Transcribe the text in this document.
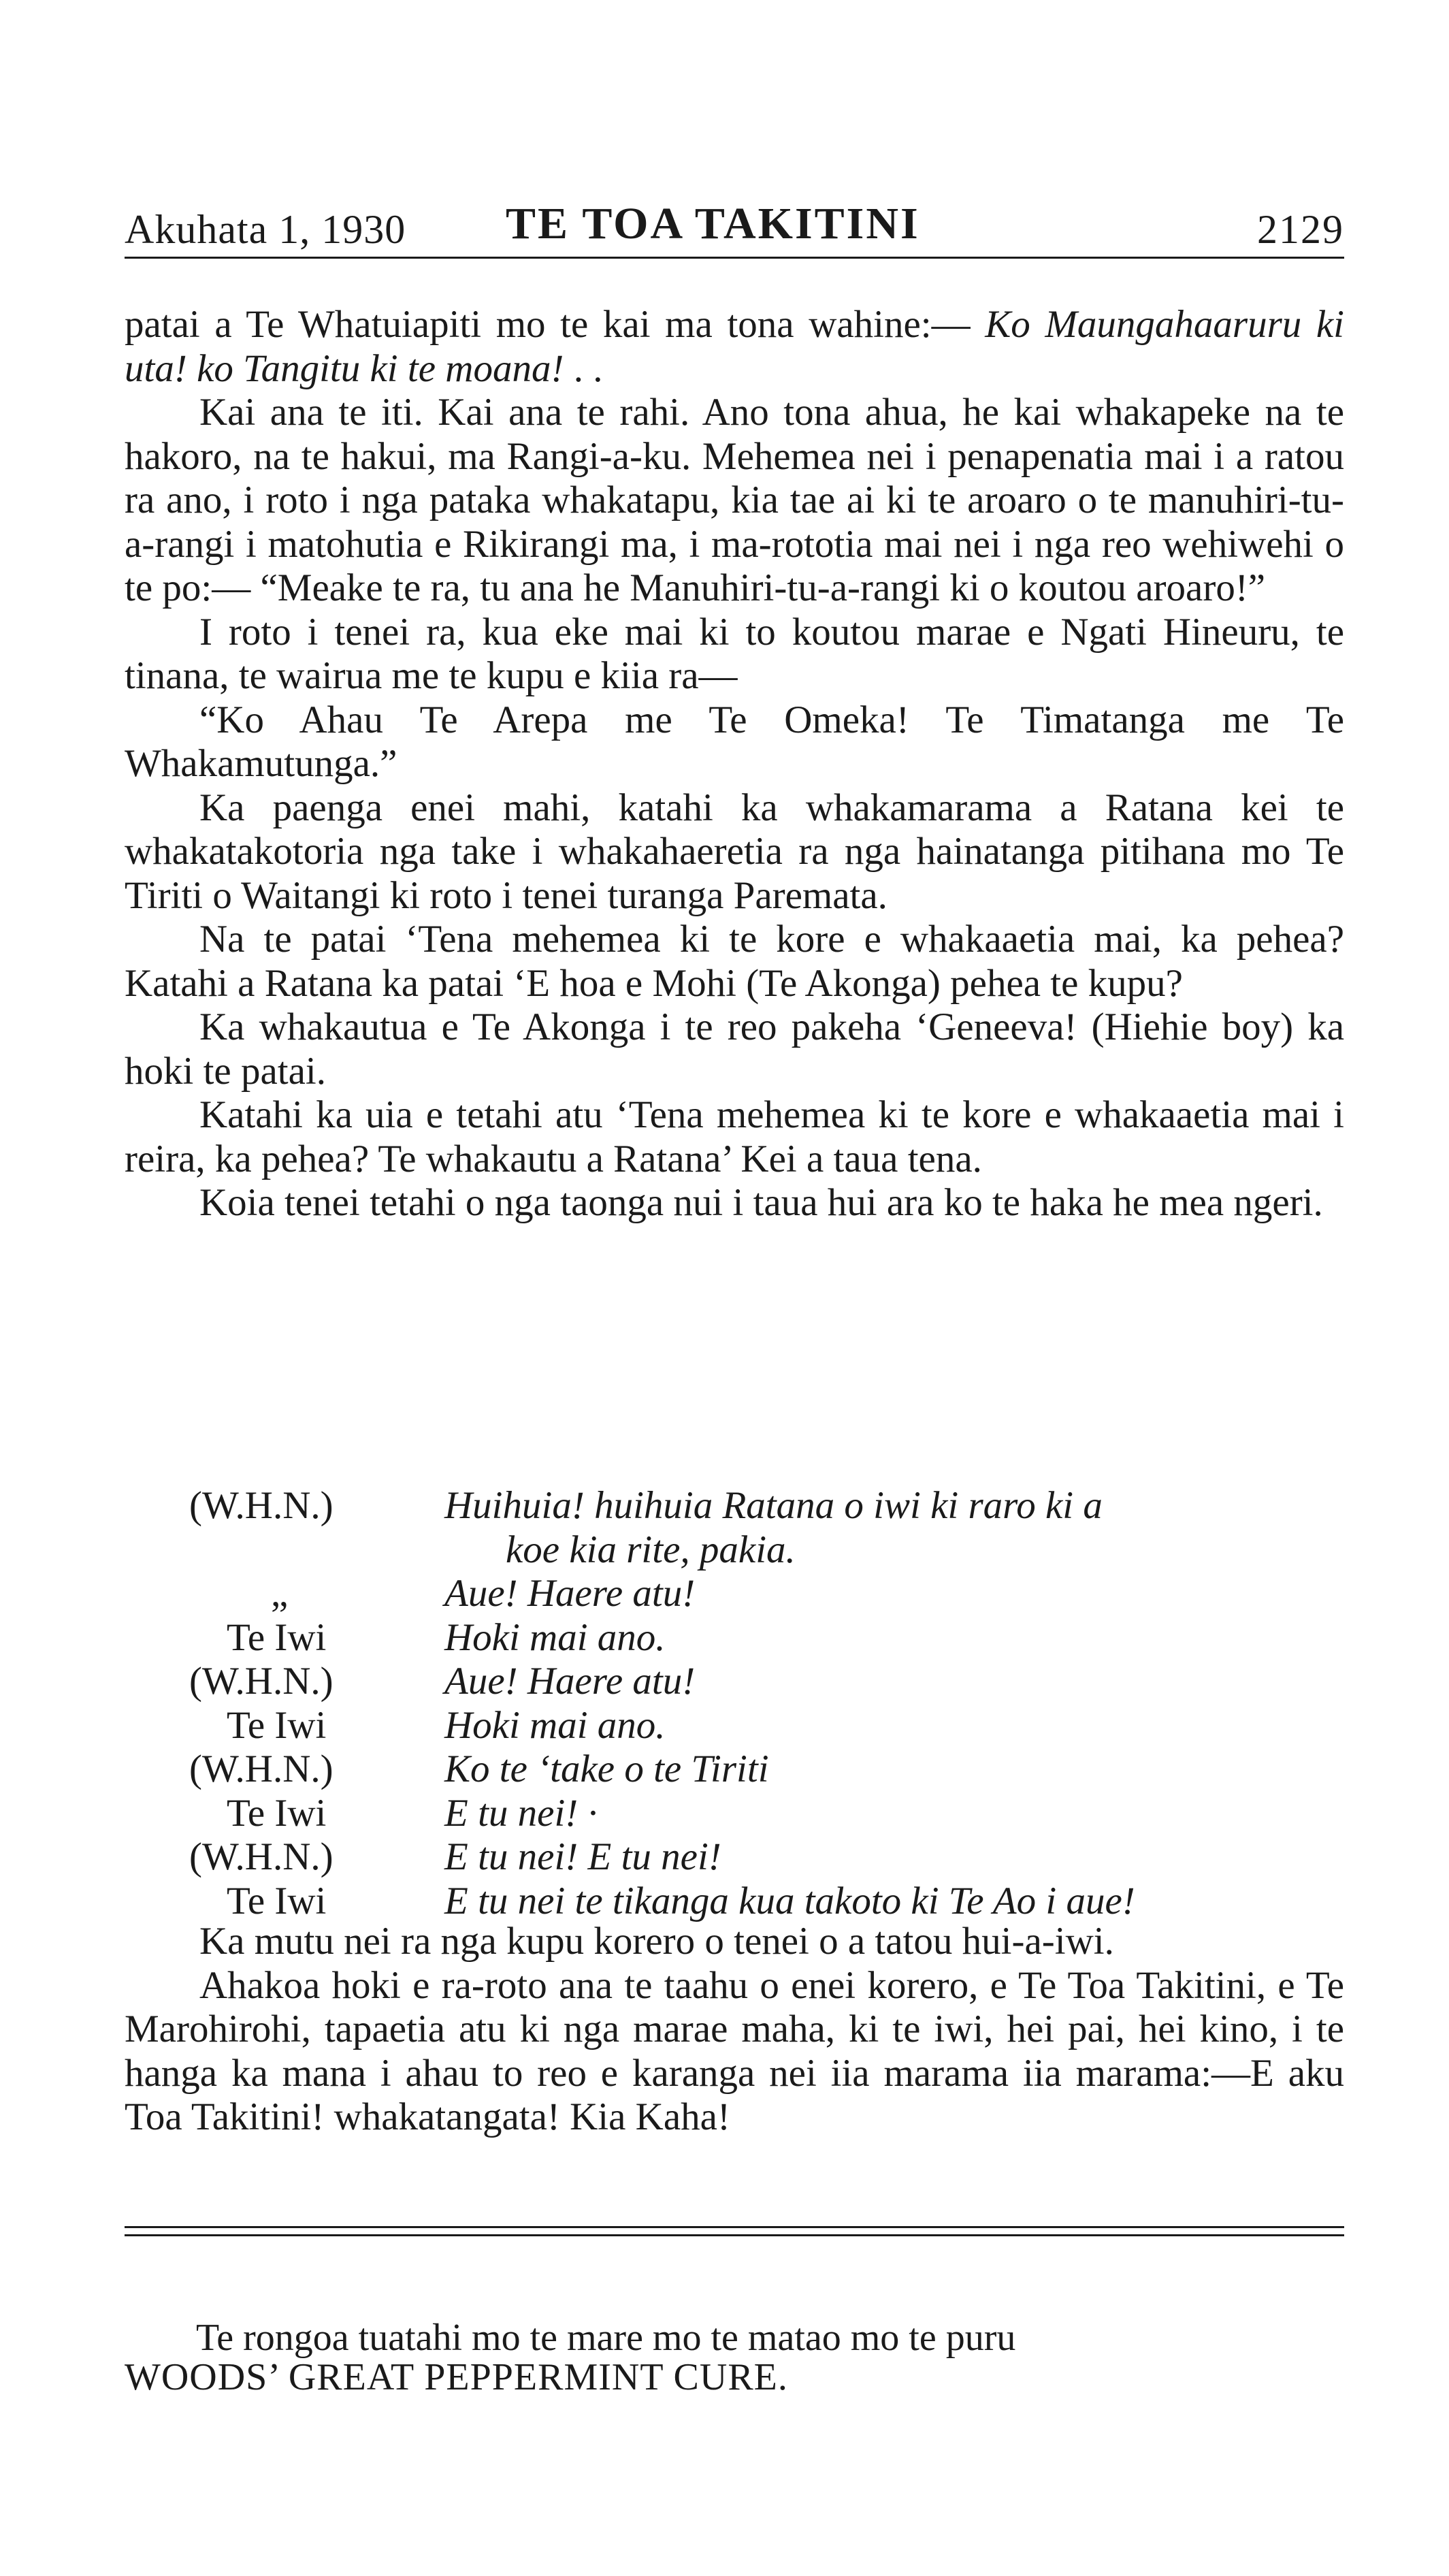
Akuhata 1, 1930 TE TOA TAKITINI	2129

patai a Te Whatuiapiti mo te kai ma tona wahine:— Ko Maungahaaruru ki uta! ko Tangitu ki te moana! . .

Kai ana te iti. Kai ana te rahi. Ano tona ahua, he kai whakapeke na te hakoro, na te hakui, ma Rangi-a-ku. Mehemea nei i penapenatia mai i a ratou ra ano, i roto i nga pataka whakatapu, kia tae ai ki te aroaro o te manuhiri-tu-a-rangi i matohutia e Rikirangi ma, i ma-rototia mai nei i nga reo wehiwehi o te po:— “Meake te ra, tu ana he Manuhiri-tu-a-rangi ki o koutou aroaro!”

I roto i tenei ra, kua eke mai ki to koutou marae e Ngati Hineuru, te tinana, te wairua me te kupu e kiia ra—

“Ko Ahau Te Arepa me Te Omeka! Te Timatanga me Te Whakamutunga.”

Ka paenga enei mahi, katahi ka whakamarama a Ratana kei te whakatakotoria nga take i whakahaeretia ra nga hainatanga pitihana mo Te Tiriti o Waitangi ki roto i tenei turanga Paremata.

Na te patai ‘Tena mehemea ki te kore e whakaaetia mai, ka pehea? Katahi a Ratana ka patai ‘E hoa e Mohi (Te Akonga) pehea te kupu?

Ka whakautua e Te Akonga i te reo pakeha ‘Geneeva! (Hiehie boy) ka hoki te patai.

Katahi ka uia e tetahi atu ‘Tena mehemea ki te kore e whakaaetia mai i reira, ka pehea? Te whakautu a Ratana’ Kei a taua tena.

Koia tenei tetahi o nga taonga nui i taua hui ara ko te haka he mea ngeri.

(W.H.N.)	Huihuia! huihuia Ratana o iwi ki raro ki a
koe kia rite, pakia.
„	Aue! Haere atu!
Te Iwi	Hoki mai ano.
(W.H.N.)	Aue! Haere atu!
Te Iwi	Hoki mai ano.
(W.H.N.)	Ko te ‘take o te Tiriti
Te Iwi	E tu nei! ·
(W.H.N.)	E tu nei! E tu nei!
Te Iwi	E tu nei te tikanga kua takoto ki Te Ao i aue!

Ka mutu nei ra nga kupu korero o tenei o a tatou hui-a-iwi.

Ahakoa hoki e ra-roto ana te taahu o enei korero, e Te Toa Takitini, e Te Marohirohi, tapaetia atu ki nga marae maha, ki te iwi, hei pai, hei kino, i te hanga ka mana i ahau to reo e karanga nei iia marama iia marama:—E aku Toa Takitini! whakatangata! Kia Kaha!

Te rongoa tuatahi mo te mare mo te matao mo te puru

WOODS’ GREAT PEPPERMINT CURE.
